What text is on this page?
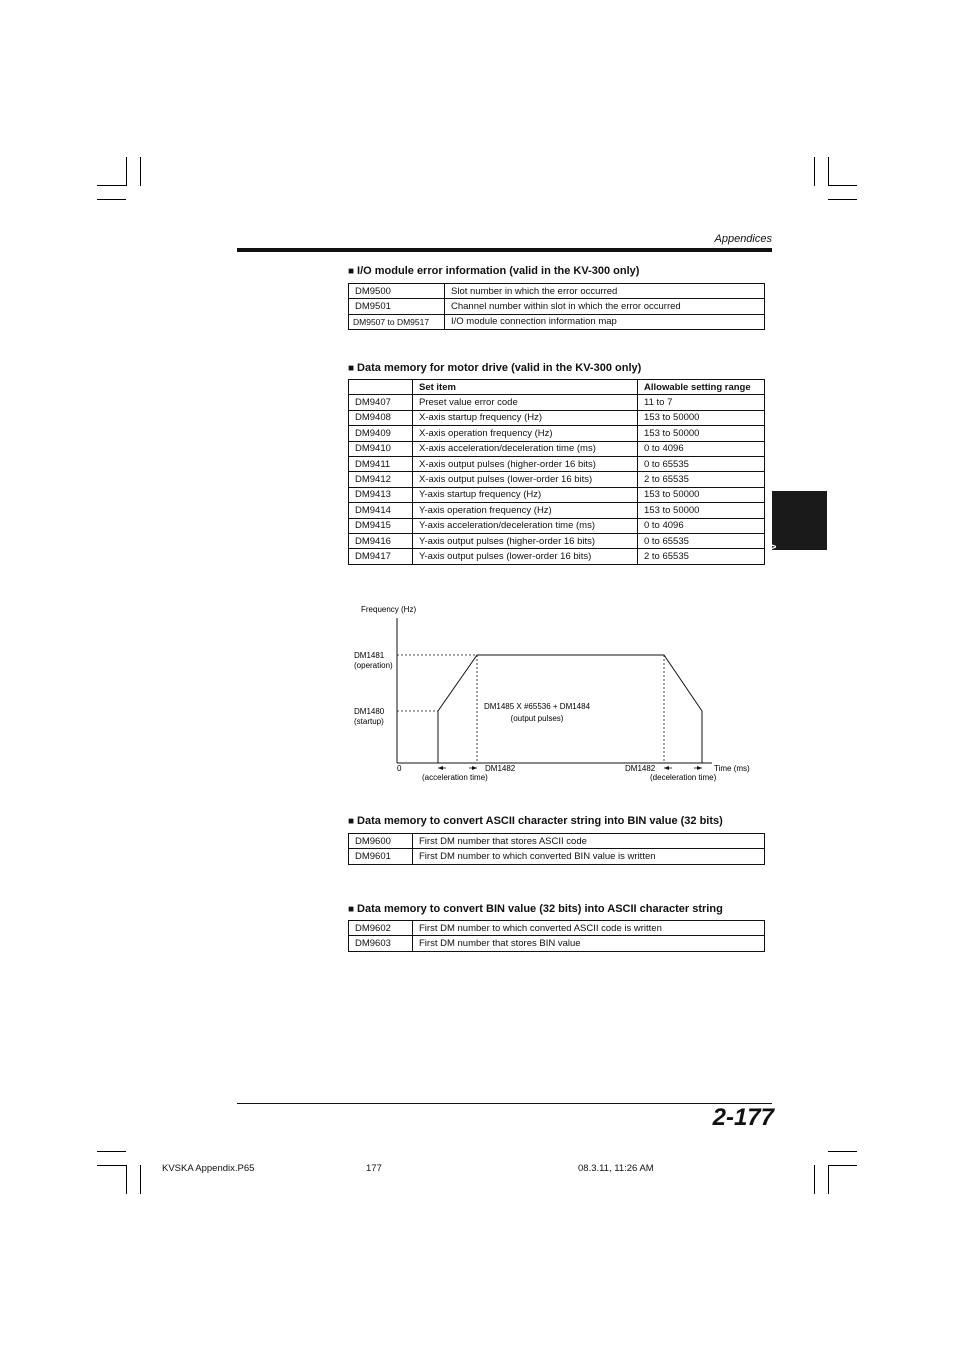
Appendices
Appendices
■ I/O module error information (valid in the KV-300 only)
DM9500	Slot number in which the error occurred
DM9501	Channel number within slot in which the error occurred
DM9507 to DM9517	I/O module connection information map
■ Data memory for motor drive (valid in the KV-300 only)
	Set item	Allowable setting range
DM9407	Preset value error code	11 to 7
DM9408	X-axis startup frequency (Hz)	153 to 50000
DM9409	X-axis operation frequency (Hz)	153 to 50000
DM9410	X-axis acceleration/deceleration time (ms)	0 to 4096
DM9411	X-axis output pulses (higher-order 16 bits)	0 to 65535
DM9412	X-axis output pulses (lower-order 16 bits)	2 to 65535
DM9413	Y-axis startup frequency (Hz)	153 to 50000
DM9414	Y-axis operation frequency (Hz)	153 to 50000
DM9415	Y-axis acceleration/deceleration time (ms)	0 to 4096
DM9416	Y-axis output pulses (higher-order 16 bits)	0 to 65535
DM9417	Y-axis output pulses (lower-order 16 bits)	2 to 65535
Frequency (Hz)
DM1481
(operation)
DM1480
(startup)
DM1485 X #65536 + DM1484
(output pulses)
0	DM1482
(acceleration time)
DM1482	Time (ms)
(deceleration time)
■ Data memory to convert ASCII character string into BIN value (32 bits)
DM9600	First DM number that stores ASCII code
DM9601	First DM number to which converted BIN value is written
■ Data memory to convert BIN value (32 bits) into ASCII character string
DM9602	First DM number to which converted ASCII code is written
DM9603	First DM number that stores BIN value
2-177
KVSKA Appendix.P65	177	08.3.11, 11:26 AM
